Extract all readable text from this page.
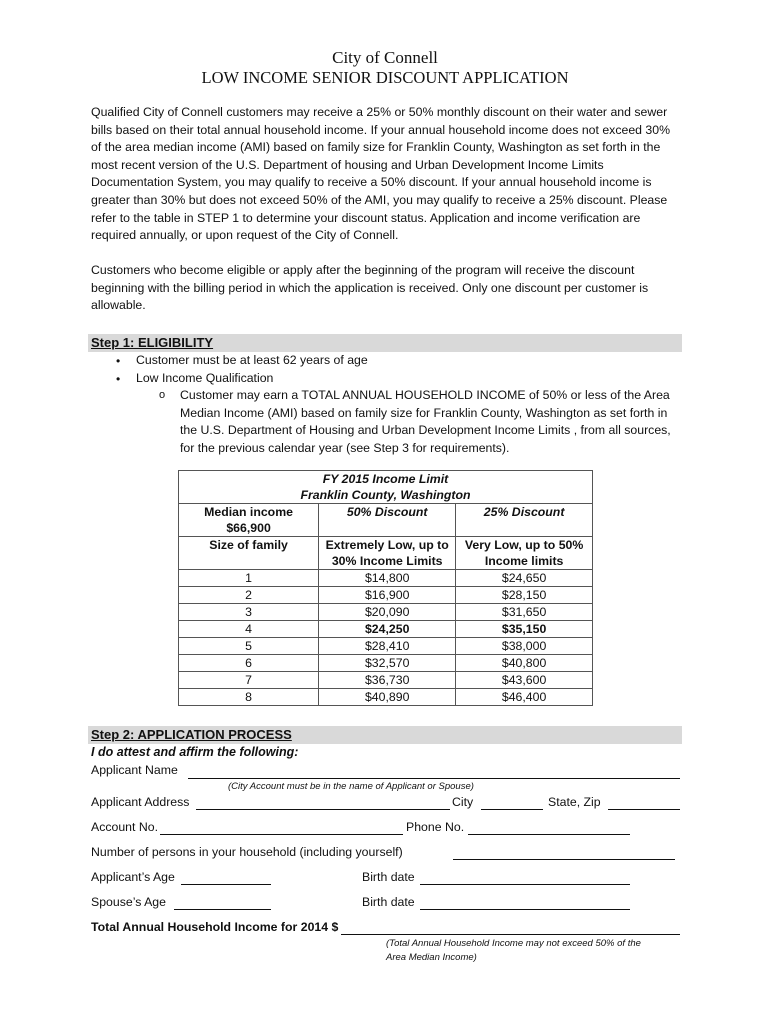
City of Connell
LOW INCOME SENIOR DISCOUNT APPLICATION
Qualified City of Connell customers may receive a 25% or 50% monthly discount on their water and sewer bills based on their total annual household income. If your annual household income does not exceed 30% of the area median income (AMI) based on family size for Franklin County, Washington as set forth in the most recent version of the U.S. Department of housing and Urban Development Income Limits Documentation System, you may qualify to receive a 50% discount. If your annual household income is greater than 30% but does not exceed 50% of the AMI, you may qualify to receive a 25% discount. Please refer to the table in STEP 1 to determine your discount status. Application and income verification are required annually, or upon request of the City of Connell.
Customers who become eligible or apply after the beginning of the program will receive the discount beginning with the billing period in which the application is received. Only one discount per customer is allowable.
Step 1: ELIGIBILITY
• Customer must be at least 62 years of age
• Low Income Qualification
o Customer may earn a TOTAL ANNUAL HOUSEHOLD INCOME of 50% or less of the Area Median Income (AMI) based on family size for Franklin County, Washington as set forth in the U.S. Department of Housing and Urban Development Income Limits , from all sources, for the previous calendar year (see Step 3 for requirements).
FY 2015 Income Limit		
Franklin County, Washington		
Median income	50% Discount	25% Discount
$66,900		
Size of family	Extremely Low, up to	Very Low, up to 50%
	30% Income Limits	Income limits
1	$14,800	$24,650
2	$16,900	$28,150
3	$20,090	$31,650
4	$24,250	$35,150
5	$28,410	$38,000
6	$32,570	$40,800
7	$36,730	$43,600
8	$40,890	$46,400
Step 2: APPLICATION PROCESS
I do attest and affirm the following:
Applicant Name
(City Account must be in the name of Applicant or Spouse)
Applicant Address	City	State, Zip
Account No.	Phone No.
Number of persons in your household (including yourself)
Applicant’s Age	Birth date
Spouse’s Age	Birth date
Total Annual Household Income for 2014 $
(Total Annual Household Income may not exceed 50% of the
Area Median Income)
